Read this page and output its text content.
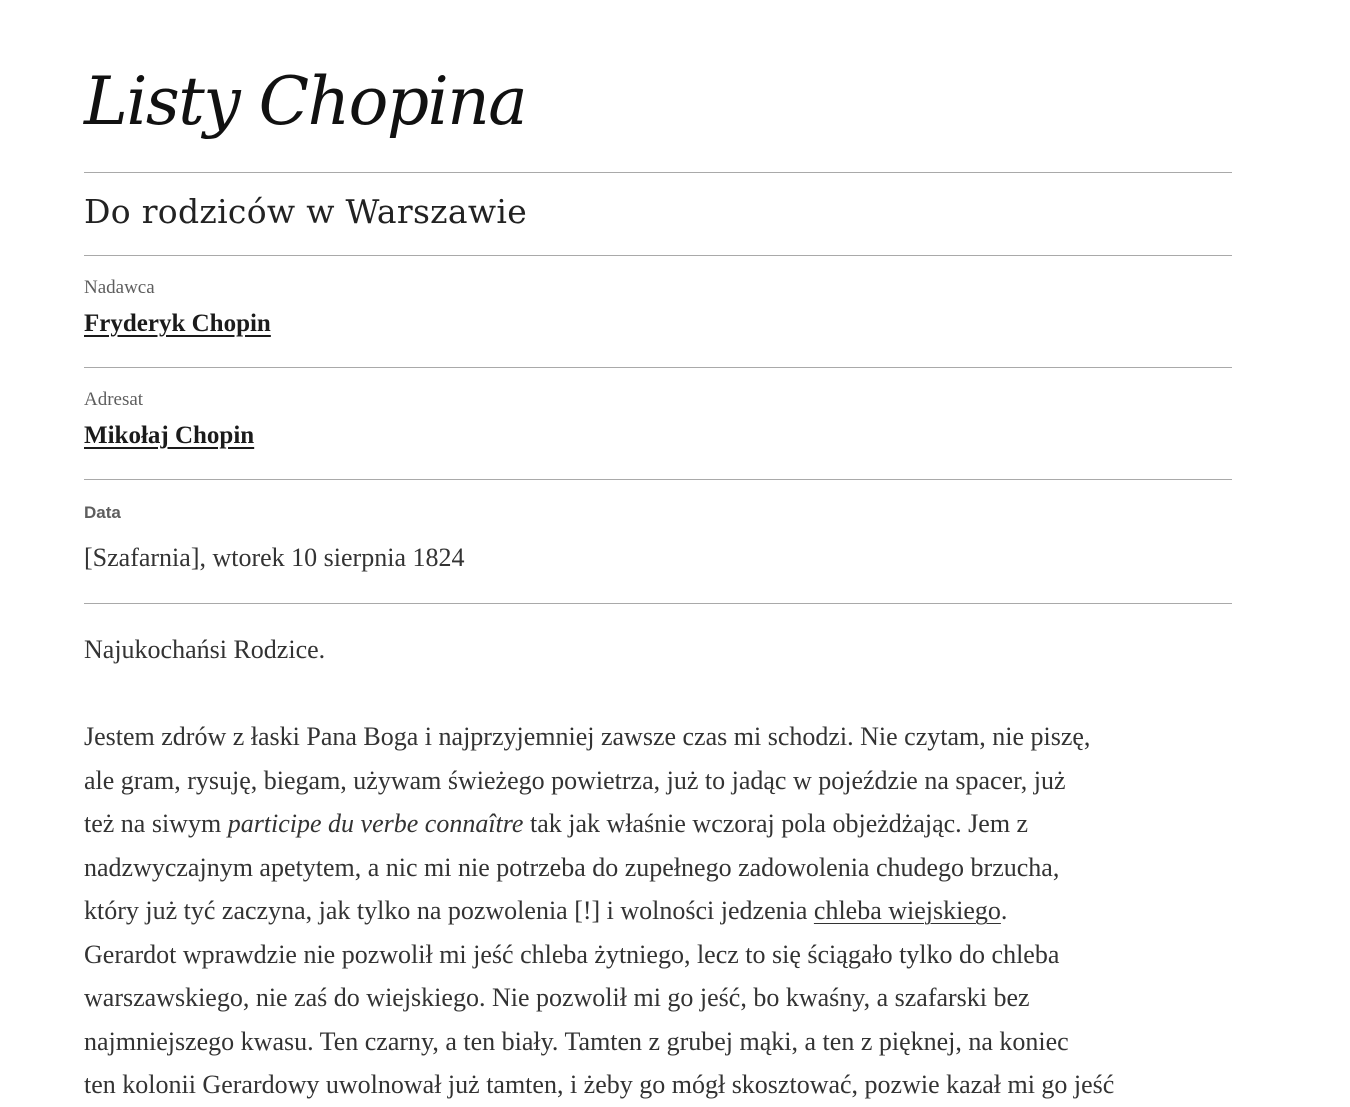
Listy Chopina
Do rodziców w Warszawie
Nadawca
Fryderyk Chopin
Adresat
Mikołaj Chopin
Data
[Szafarnia], wtorek 10 sierpnia 1824

Najukochańsi Rodzice.

Jestem zdrów z łaski Pana Boga i najprzyjemniej zawsze czas mi schodzi. Nie czytam, nie piszę,
ale gram, rysuję, biegam, używam świeżego powietrza, już to jadąc w pojeździe na spacer, już
też na siwym participe du verbe connaître tak jak właśnie wczoraj pola objeżdżając. Jem z
nadzwyczajnym apetytem, a nic mi nie potrzeba do zupełnego zadowolenia chudego brzucha,
który już tyć zaczyna, jak tylko na pozwolenia [!] i wolności jedzenia chleba wiejskiego.
Gerardot wprawdzie nie pozwolił mi jeść chleba żytniego, lecz to się ściągało tylko do chleba
warszawskiego, nie zaś do wiejskiego. Nie pozwolił mi go jeść, bo kwaśny, a szafarski bez
najmniejszego kwasu. Ten czarny, a ten biały. Tamten z grubej mąki, a ten z pięknej, na koniec
ten kolonii Gerardowy uwolnował już tamten, i żeby go mógł skosztować, pozwie kazał mi go jeść
